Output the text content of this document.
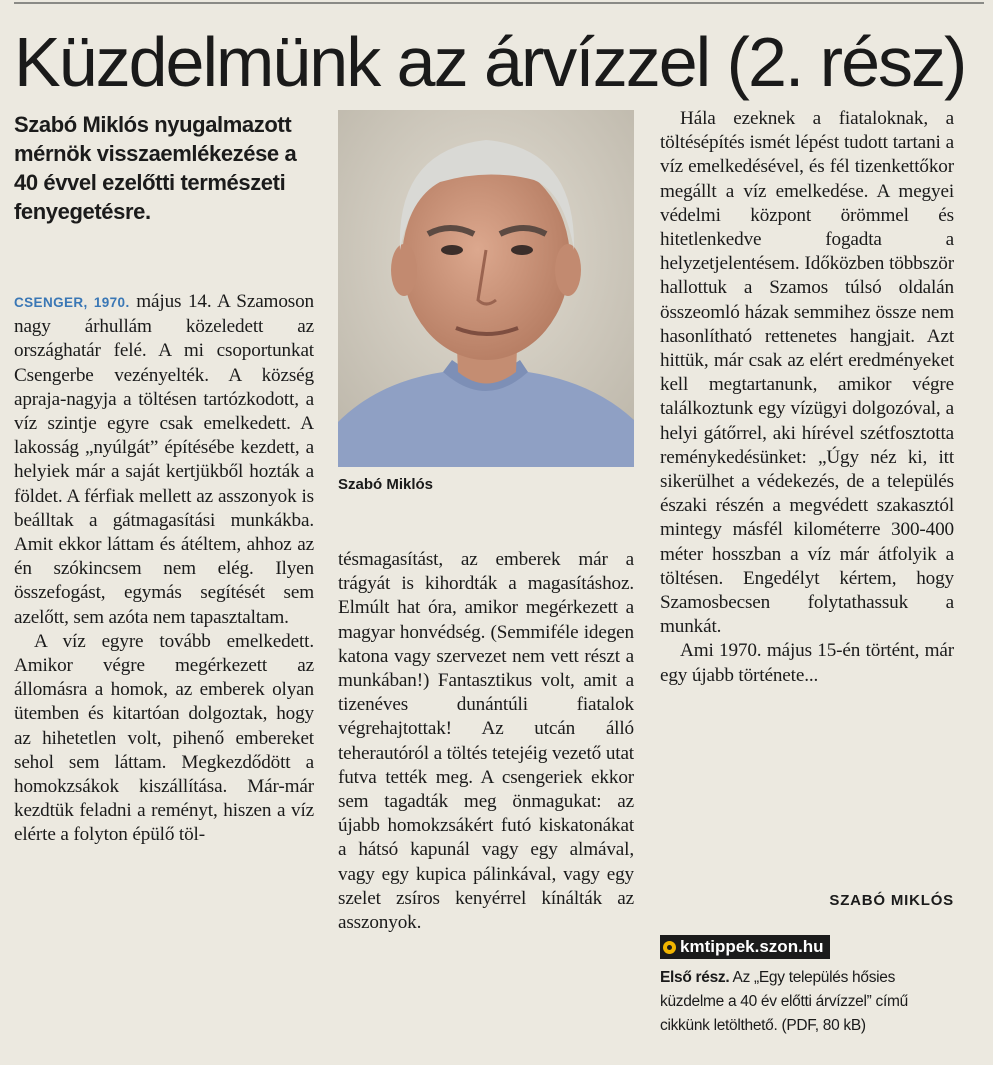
Küzdelmünk az árvízzel (2. rész)

Szabó Miklós nyugalmazott mérnök visszaemlékezése a 40 évvel ezelőtti természeti fenyegetésre.

CSENGER, 1970. május 14. A Szamoson nagy árhullám közeledett az országhatár felé. A mi csoportunkat Csengerbe vezényelték. A község apraja-nagyja a töltésen tartózkodott, a víz szintje egyre csak emelkedett. A lakosság „nyúlgát” építésébe kezdett, a helyiek már a saját kertjükből hozták a földet. A férfiak mellett az asszonyok is beálltak a gátmagasítási munkákba. Amit ekkor láttam és átéltem, ahhoz az én szókincsem nem elég. Ilyen összefogást, egymás segítését sem azelőtt, sem azóta nem tapasztaltam.

A víz egyre tovább emelkedett. Amikor végre megérkezett az állomásra a homok, az emberek olyan ütemben és kitartóan dolgoztak, hogy az hihetetlen volt, pihenő embereket sehol sem láttam. Megkezdődött a homokzsákok kiszállítása. Már-már kezdtük feladni a reményt, hiszen a víz elérte a folyton épülő töl-

Szabó Miklós

tésmagasítást, az emberek már a trágyát is kihordták a magasításhoz. Elmúlt hat óra, amikor megérkezett a magyar honvédség. (Semmiféle idegen katona vagy szervezet nem vett részt a munkában!) Fantasztikus volt, amit a tizenéves dunántúli fiatalok végrehajtottak! Az utcán álló teherautóról a töltés tetejéig vezető utat futva tették meg. A csengeriek ekkor sem tagadták meg önmagukat: az újabb homokzsákért futó kiskatonákat a hátsó kapunál vagy egy almával, vagy egy kupica pálinkával, vagy egy szelet zsíros kenyérrel kínálták az asszonyok.

Hála ezeknek a fiataloknak, a töltésépítés ismét lépést tudott tartani a víz emelkedésével, és fél tizenkettőkor megállt a víz emelkedése. A megyei védelmi központ örömmel és hitetlenkedve fogadta a helyzetjelentésem. Időközben többször hallottuk a Szamos túlsó oldalán összeomló házak semmihez össze nem hasonlítható rettenetes hangjait. Azt hittük, már csak az elért eredményeket kell megtartanunk, amikor végre találkoztunk egy vízügyi dolgozóval, a helyi gátőrrel, aki hírével szétfosztotta reménykedésünket: „Úgy néz ki, itt sikerülhet a védekezés, de a település északi részén a megvédett szakasztól mintegy másfél kilométerre 300-400 méter hosszban a víz már átfolyik a töltésen. Engedélyt kértem, hogy Szamosbecsen folytathassuk a munkát.

Ami 1970. május 15-én történt, már egy újabb története...

SZABÓ MIKLÓS

kmtippek.szon.hu

Első rész. Az „Egy település hősies küzdelme a 40 év előtti árvízzel” című cikkünk letölthető. (PDF, 80 kB)
